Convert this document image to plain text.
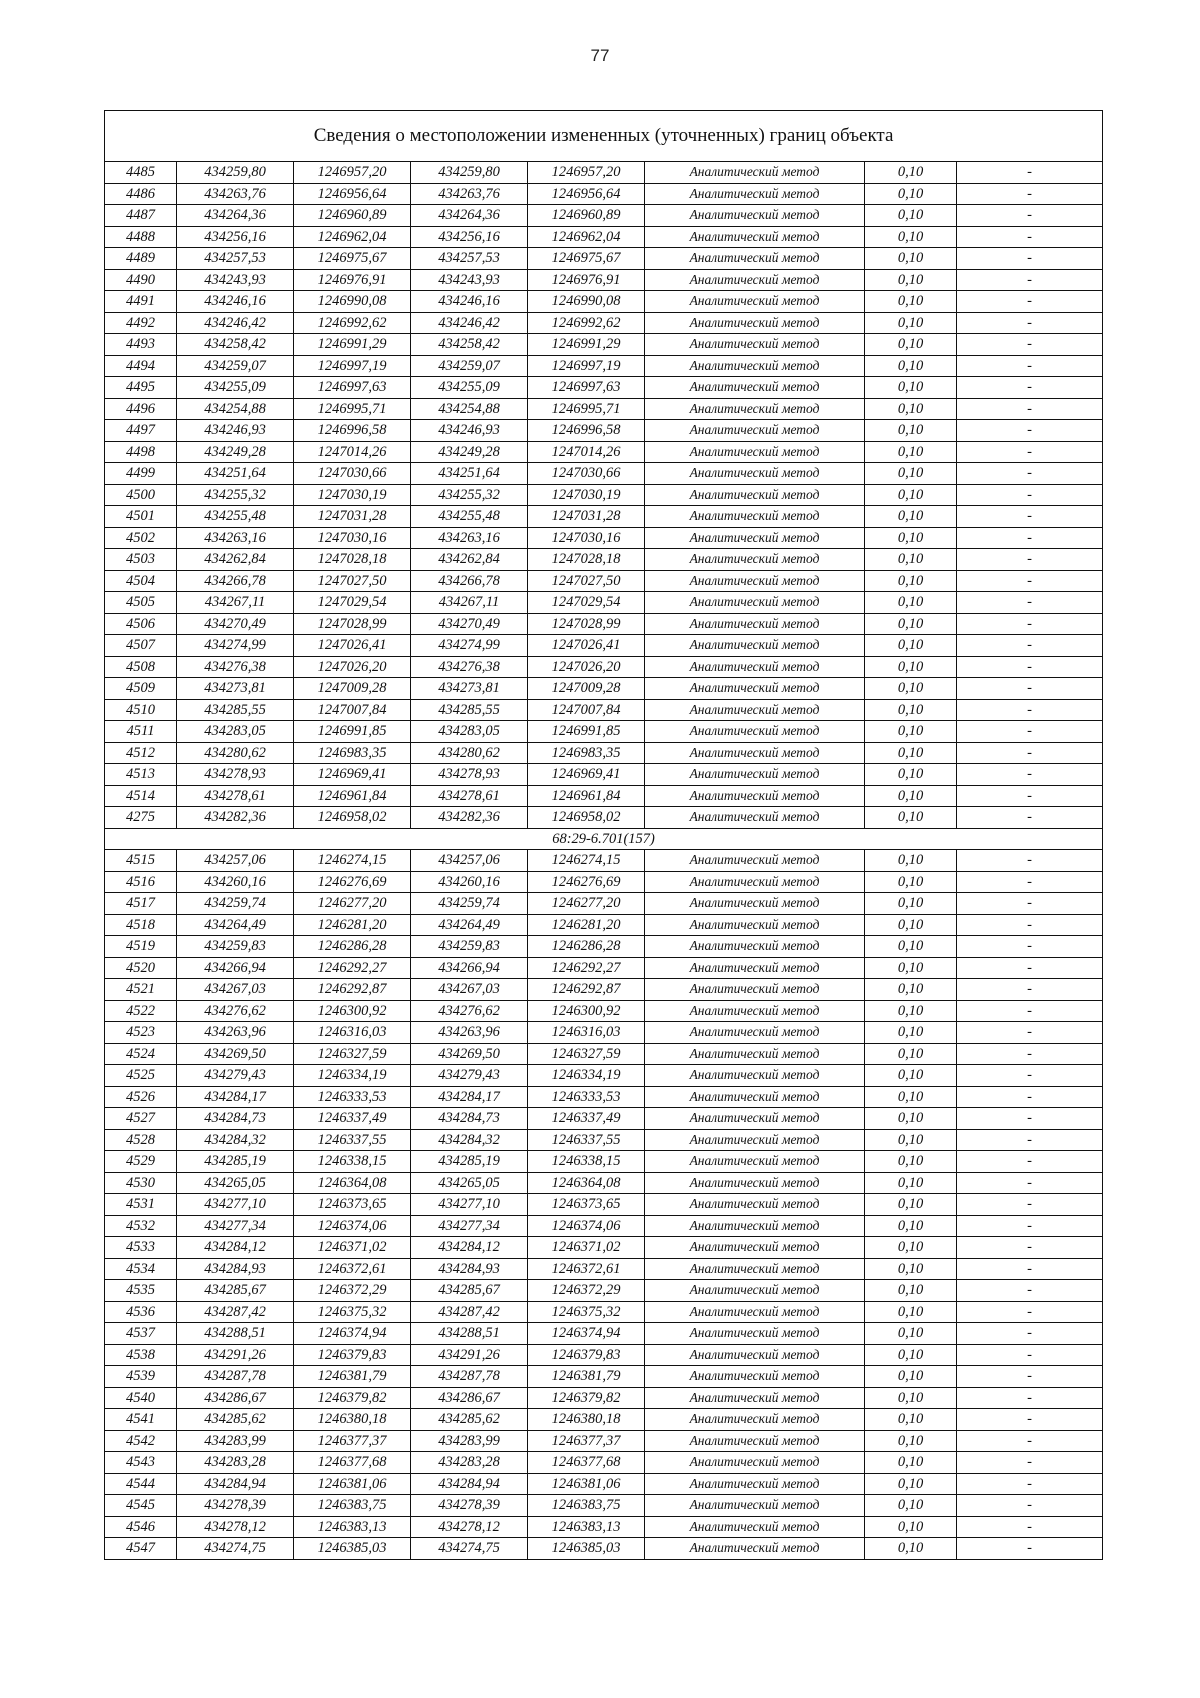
77
Сведения о местоположении измененных (уточненных) границ объекта							
4485	434259,80	1246957,20	434259,80	1246957,20	Аналитический метод	0,10	-
4486	434263,76	1246956,64	434263,76	1246956,64	Аналитический метод	0,10	-
4487	434264,36	1246960,89	434264,36	1246960,89	Аналитический метод	0,10	-
4488	434256,16	1246962,04	434256,16	1246962,04	Аналитический метод	0,10	-
4489	434257,53	1246975,67	434257,53	1246975,67	Аналитический метод	0,10	-
4490	434243,93	1246976,91	434243,93	1246976,91	Аналитический метод	0,10	-
4491	434246,16	1246990,08	434246,16	1246990,08	Аналитический метод	0,10	-
4492	434246,42	1246992,62	434246,42	1246992,62	Аналитический метод	0,10	-
4493	434258,42	1246991,29	434258,42	1246991,29	Аналитический метод	0,10	-
4494	434259,07	1246997,19	434259,07	1246997,19	Аналитический метод	0,10	-
4495	434255,09	1246997,63	434255,09	1246997,63	Аналитический метод	0,10	-
4496	434254,88	1246995,71	434254,88	1246995,71	Аналитический метод	0,10	-
4497	434246,93	1246996,58	434246,93	1246996,58	Аналитический метод	0,10	-
4498	434249,28	1247014,26	434249,28	1247014,26	Аналитический метод	0,10	-
4499	434251,64	1247030,66	434251,64	1247030,66	Аналитический метод	0,10	-
4500	434255,32	1247030,19	434255,32	1247030,19	Аналитический метод	0,10	-
4501	434255,48	1247031,28	434255,48	1247031,28	Аналитический метод	0,10	-
4502	434263,16	1247030,16	434263,16	1247030,16	Аналитический метод	0,10	-
4503	434262,84	1247028,18	434262,84	1247028,18	Аналитический метод	0,10	-
4504	434266,78	1247027,50	434266,78	1247027,50	Аналитический метод	0,10	-
4505	434267,11	1247029,54	434267,11	1247029,54	Аналитический метод	0,10	-
4506	434270,49	1247028,99	434270,49	1247028,99	Аналитический метод	0,10	-
4507	434274,99	1247026,41	434274,99	1247026,41	Аналитический метод	0,10	-
4508	434276,38	1247026,20	434276,38	1247026,20	Аналитический метод	0,10	-
4509	434273,81	1247009,28	434273,81	1247009,28	Аналитический метод	0,10	-
4510	434285,55	1247007,84	434285,55	1247007,84	Аналитический метод	0,10	-
4511	434283,05	1246991,85	434283,05	1246991,85	Аналитический метод	0,10	-
4512	434280,62	1246983,35	434280,62	1246983,35	Аналитический метод	0,10	-
4513	434278,93	1246969,41	434278,93	1246969,41	Аналитический метод	0,10	-
4514	434278,61	1246961,84	434278,61	1246961,84	Аналитический метод	0,10	-
4275	434282,36	1246958,02	434282,36	1246958,02	Аналитический метод	0,10	-
68:29-6.701(157)							
4515	434257,06	1246274,15	434257,06	1246274,15	Аналитический метод	0,10	-
4516	434260,16	1246276,69	434260,16	1246276,69	Аналитический метод	0,10	-
4517	434259,74	1246277,20	434259,74	1246277,20	Аналитический метод	0,10	-
4518	434264,49	1246281,20	434264,49	1246281,20	Аналитический метод	0,10	-
4519	434259,83	1246286,28	434259,83	1246286,28	Аналитический метод	0,10	-
4520	434266,94	1246292,27	434266,94	1246292,27	Аналитический метод	0,10	-
4521	434267,03	1246292,87	434267,03	1246292,87	Аналитический метод	0,10	-
4522	434276,62	1246300,92	434276,62	1246300,92	Аналитический метод	0,10	-
4523	434263,96	1246316,03	434263,96	1246316,03	Аналитический метод	0,10	-
4524	434269,50	1246327,59	434269,50	1246327,59	Аналитический метод	0,10	-
4525	434279,43	1246334,19	434279,43	1246334,19	Аналитический метод	0,10	-
4526	434284,17	1246333,53	434284,17	1246333,53	Аналитический метод	0,10	-
4527	434284,73	1246337,49	434284,73	1246337,49	Аналитический метод	0,10	-
4528	434284,32	1246337,55	434284,32	1246337,55	Аналитический метод	0,10	-
4529	434285,19	1246338,15	434285,19	1246338,15	Аналитический метод	0,10	-
4530	434265,05	1246364,08	434265,05	1246364,08	Аналитический метод	0,10	-
4531	434277,10	1246373,65	434277,10	1246373,65	Аналитический метод	0,10	-
4532	434277,34	1246374,06	434277,34	1246374,06	Аналитический метод	0,10	-
4533	434284,12	1246371,02	434284,12	1246371,02	Аналитический метод	0,10	-
4534	434284,93	1246372,61	434284,93	1246372,61	Аналитический метод	0,10	-
4535	434285,67	1246372,29	434285,67	1246372,29	Аналитический метод	0,10	-
4536	434287,42	1246375,32	434287,42	1246375,32	Аналитический метод	0,10	-
4537	434288,51	1246374,94	434288,51	1246374,94	Аналитический метод	0,10	-
4538	434291,26	1246379,83	434291,26	1246379,83	Аналитический метод	0,10	-
4539	434287,78	1246381,79	434287,78	1246381,79	Аналитический метод	0,10	-
4540	434286,67	1246379,82	434286,67	1246379,82	Аналитический метод	0,10	-
4541	434285,62	1246380,18	434285,62	1246380,18	Аналитический метод	0,10	-
4542	434283,99	1246377,37	434283,99	1246377,37	Аналитический метод	0,10	-
4543	434283,28	1246377,68	434283,28	1246377,68	Аналитический метод	0,10	-
4544	434284,94	1246381,06	434284,94	1246381,06	Аналитический метод	0,10	-
4545	434278,39	1246383,75	434278,39	1246383,75	Аналитический метод	0,10	-
4546	434278,12	1246383,13	434278,12	1246383,13	Аналитический метод	0,10	-
4547	434274,75	1246385,03	434274,75	1246385,03	Аналитический метод	0,10	-
